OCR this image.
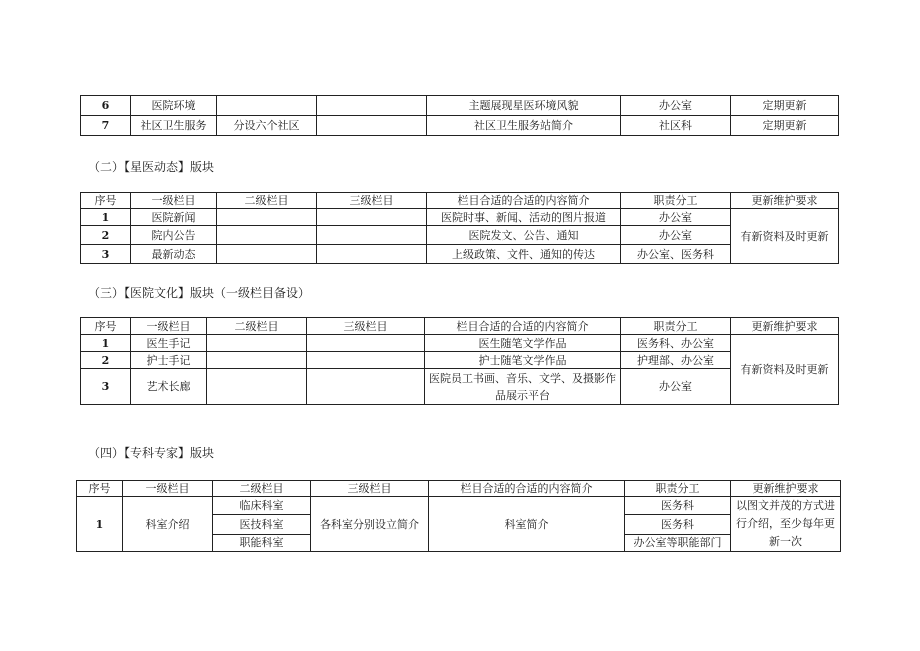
6	医院环境			主题展现星医环境风貌	办公室	定期更新
7	社区卫生服务	分设六个社区		社区卫生服务站简介	社区科	定期更新
（二）【星医动态】版块
序号	一级栏目	二级栏目	三级栏目	栏目合适的合适的内容简介	职责分工	更新维护要求
1	医院新闻			医院时事、新闻、活动的图片报道	办公室	有新资料及时更新
2	院内公告			医院发文、公告、通知	办公室	
3	最新动态			上级政策、文件、通知的传达	办公室、医务科	
（三）【医院文化】版块（一级栏目备设）
序号	一级栏目	二级栏目	三级栏目	栏目合适的合适的内容简介	职责分工	更新维护要求
1	医生手记			医生随笔文学作品	医务科、办公室	有新资料及时更新
2	护士手记			护士随笔文学作品	护理部、办公室	
3	艺术长廊			医院员工书画、音乐、文学、及摄影作品展示平台	办公室	
（四）【专科专家】版块
序号	一级栏目	二级栏目	三级栏目	栏目合适的合适的内容简介	职责分工	更新维护要求
1	科室介绍	临床科室	各科室分别设立简介	科室简介	医务科	以图文并茂的方式进行介绍，至少每年更新一次
		医技科室			医务科	
		职能科室			办公室等职能部门	
